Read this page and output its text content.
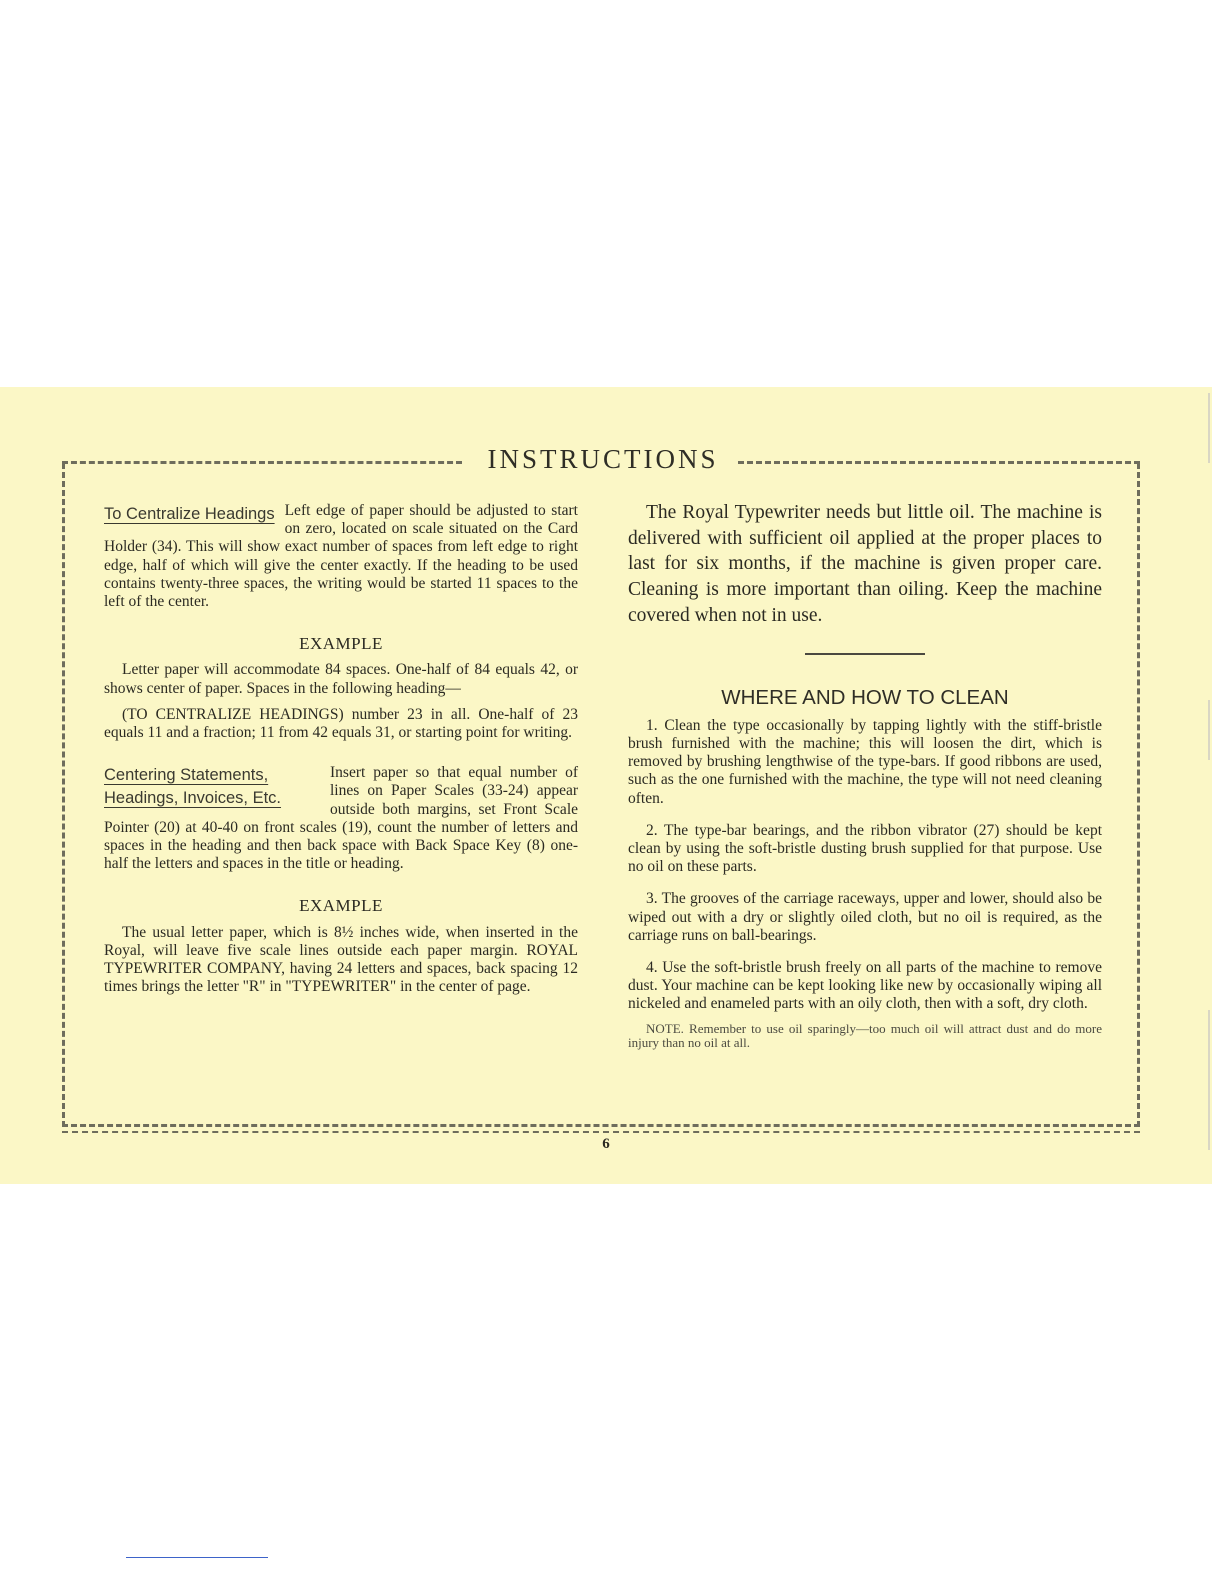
INSTRUCTIONS
To Centralize Headings Left edge of paper should be adjusted to start on zero, located on scale situated on the Card Holder (34). This will show exact number of spaces from left edge to right edge, half of which will give the center exactly. If the heading to be used contains twenty-three spaces, the writing would be started 11 spaces to the left of the center.
EXAMPLE

Letter paper will accommodate 84 spaces. One-half of 84 equals 42, or shows center of paper. Spaces in the following heading—

(TO CENTRALIZE HEADINGS) number 23 in all. One-half of 23 equals 11 and a fraction; 11 from 42 equals 31, or starting point for writing.

Centering Statements,
Headings, Invoices, Etc.
Insert paper so that equal number of lines on Paper Scales (33-24) appear outside both margins, set Front Scale Pointer (20) at 40-40 on front scales (19), count the number of letters and spaces in the heading and then back space with Back Space Key (8) one-half the letters and spaces in the title or heading.
EXAMPLE

The usual letter paper, which is 8½ inches wide, when inserted in the Royal, will leave five scale lines outside each paper margin. ROYAL TYPEWRITER COMPANY, having 24 letters and spaces, back spacing 12 times brings the letter "R" in "TYPEWRITER" in the center of page.

The Royal Typewriter needs but little oil. The machine is delivered with sufficient oil applied at the proper places to last for six months, if the machine is given proper care. Cleaning is more important than oiling. Keep the machine covered when not in use.

WHERE AND HOW TO CLEAN

1. Clean the type occasionally by tapping lightly with the stiff-bristle brush furnished with the machine; this will loosen the dirt, which is removed by brushing lengthwise of the type-bars. If good ribbons are used, such as the one furnished with the machine, the type will not need cleaning often.

2. The type-bar bearings, and the ribbon vibrator (27) should be kept clean by using the soft-bristle dusting brush supplied for that purpose. Use no oil on these parts.

3. The grooves of the carriage raceways, upper and lower, should also be wiped out with a dry or slightly oiled cloth, but no oil is required, as the carriage runs on ball-bearings.

4. Use the soft-bristle brush freely on all parts of the machine to remove dust. Your machine can be kept looking like new by occasionally wiping all nickeled and enameled parts with an oily cloth, then with a soft, dry cloth.

NOTE. Remember to use oil sparingly—too much oil will attract dust and do more injury than no oil at all.

6
